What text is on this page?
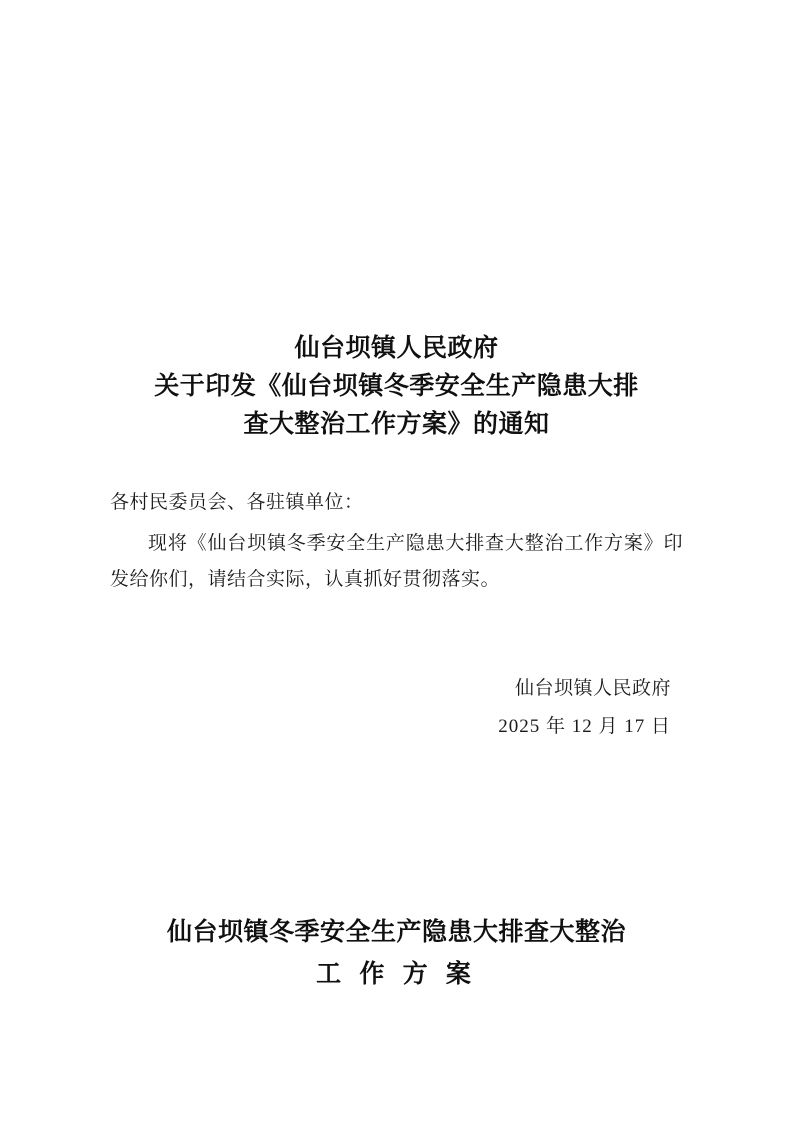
仙台坝镇人民政府
关于印发《仙台坝镇冬季安全生产隐患大排
查大整治工作方案》的通知
各村民委员会、各驻镇单位：
现将《仙台坝镇冬季安全生产隐患大排查大整治工作方案》印发给你们，请结合实际，认真抓好贯彻落实。
仙台坝镇人民政府
2025 年 12 月 17 日
仙台坝镇冬季安全生产隐患大排查大整治
工 作 方 案
